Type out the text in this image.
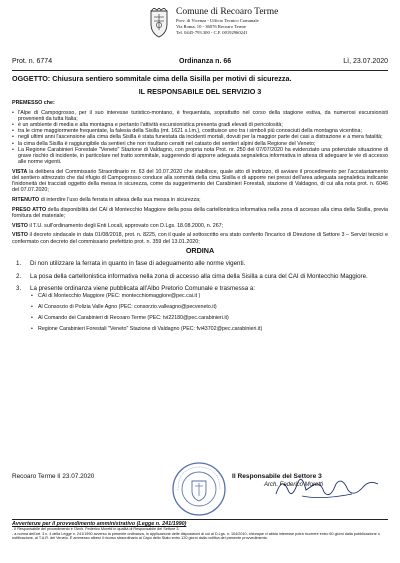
Comune di Recoaro Terme
Prov. di Vicenza - Ufficio Tecnico Comunale
Via Roma, 10 - 36076 Recoaro Terme
Tel. 0445-793.300 - C.F. 00192960241
Prot. n. 6774	Ordinanza n. 66	Lì, 23.07.2020
OGGETTO: Chiusura sentiero sommitale cima della Sisilla per motivi di sicurezza.
IL RESPONSABILE DEL SERVIZIO 3

PREMESSO che:

• l'Alpe di Campogrosso, per il suo interesse turistico-montano, è frequentata, soprattutto nel corso della stagione estiva, da numerosi escursionisti provenienti da tutta Italia;
• è un ambiente di media e alta montagna e pertanto l'attività escursionistica presenta gradi elevati di pericolosità;
• tra le cime maggiormente frequentate, la falesia della Sisilla (mt. 1621 s.l.m.), costituisce uno tra i simboli più conosciuti della montagna vicentina;
• negli ultimi anni l'ascensione alla cima della Sisilla è stata funestata da incidenti mortali, dovuti per la maggior parte dei casi a distrazione e a mera fatalità;
• la cima della Sisilla è raggiungibile da sentieri che non risultano censiti nel catasto dei sentieri alpini della Regione del Veneto;
• La Regione Carabinieri Forestale "Veneto" Stazione di Valdagno, con propria nota Prot. nr. 250 del 07/07/2020 ha evidenziato una potenziale situazione di grave rischio di incidente, in particolare nel tratto sommitale, suggerendo di apporre adeguata segnaletica informativa in attesa di adeguare le vie di accesso alle norme vigenti.

VISTA la delibera del Commissario Straordinario nr. 63 del 10.07.2020 che stabilisce, quale atto di indirizzo, di avviare il procedimento per l'accatastamento del sentiero attrezzato che dal rifugio di Campogrosso conduce alla sommità della cima Sisilla e di apporre nei pressi dell'area adeguata segnaletica indicante l'inidoneità dei tracciati oggetto della messa in sicurezza, come da suggerimento dei Carabinieri Forestali, stazione di Valdagno, di cui alla nota prot. n. 6046 del 07.07.2020;

RITENUTO di interdire l'uso della ferrata in attesa della sua messa in sicurezza;

PRESO ATTO della disponibilità del CAI di Montecchio Maggiore della posa della cartellonistica informativa nella zona di accesso alla cima della Sisilla, previa fornitura del materiale;

VISTO il T.U. sull'ordinamento degli Enti Locali, approvato con D.Lgs. 18.08.2000, n. 267;

VISTO il decreto sindacale in data 01/08/2018, prot. n. 8225, con il quale al sottoscritto era stato conferito l'incarico di Direzione di Settore 3 – Servizi tecnici e confermato con decreto del commissario prefettizio prot. n. 359 del 13.01.2020;

ORDINA

1. Di non utilizzare la ferrata in quanto in fase di adeguamento alle norme vigenti.
2. La posa della cartellonistica informativa nella zona di accesso alla cima della Sisilla a cura del CAI di Montecchio Maggiore.
3. La presente ordinanza viene pubblicata all'Albo Pretorio Comunale e trasmessa a:
• CAI di Montecchio Maggiore (PEC: montecchiomaggiore@pec.cai.it )
• Al Consorzio di Polizia Valle Agno (PEC: consorzio.valleagno@pecveneto.it)
• Al Comando dei Carabinieri di Recoaro Terme (PEC: tvi22180@pec.carabinieri.it)
• Regione Carabinieri Forestali "Veneto" Stazione di Valdagno (PEC: fvi43702@pec.carabinieri.it)
Recoaro Terme lì 23.07.2020	Il Responsabile del Settore 3
Arch. Federico Moretti

Avvertenze per il provvedimento amministrativo (Legge n. 241/1990)

- Il Responsabile del procedimento è l'Arch. Federico Moretti in qualità di Responsabile del Settore 3.

- a norma dell'art. 3 c. 4 della Legge n. 241/1990 avverso la presente ordinanza, in applicazione delle disposizioni di cui al D.Lgs. n. 104/2010, chiunque vi abbia interesse potrà ricorrere entro 60 giorni dalla pubblicazione o notificazione, al T.A.R. del Veneto. È ammesso altresì il ricorso straordinario al Capo dello Stato entro 120 giorni dalla notifica del presente provvedimento.
